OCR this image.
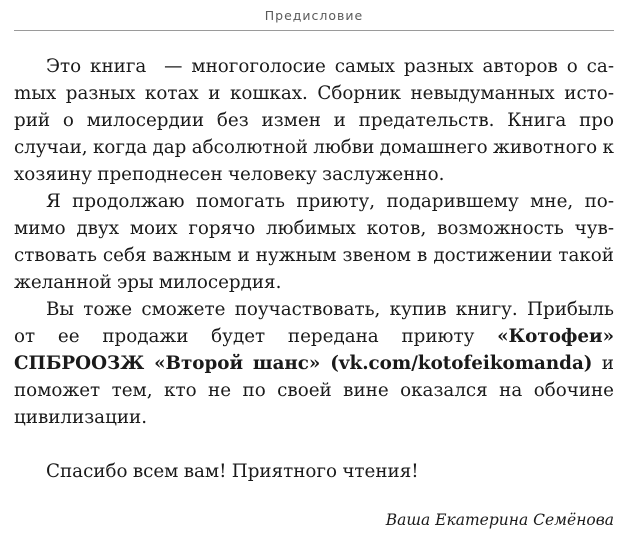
Предисловие

Это книга  — многоголосие самых разных авторов о саmых разных котах и кошках. Сборник невыдуманных историй о милосердии без измен и предательств. Книга про случаи, когда дар абсолютной любви домашнего животного к хозяину преподнесен человеку заслуженно.

Я продолжаю помогать приюту, подарившему мне, помимо двух моих горячо любимых котов, возможность чувствовать себя важным и нужным звеном в достижении такой желанной эры милосердия.

Вы тоже сможете поучаствовать, купив книгу. Прибыль от ее продажи будет передана приюту «Котофеи» СПБРООЗЖ «Второй шанс» (vk.com/kotofeikomanda) и поможет тем, кто не по своей вине оказался на обочине цивилизации.

Спасибо всем вам! Приятного чтения!

Ваша Екатерина Семёнова
